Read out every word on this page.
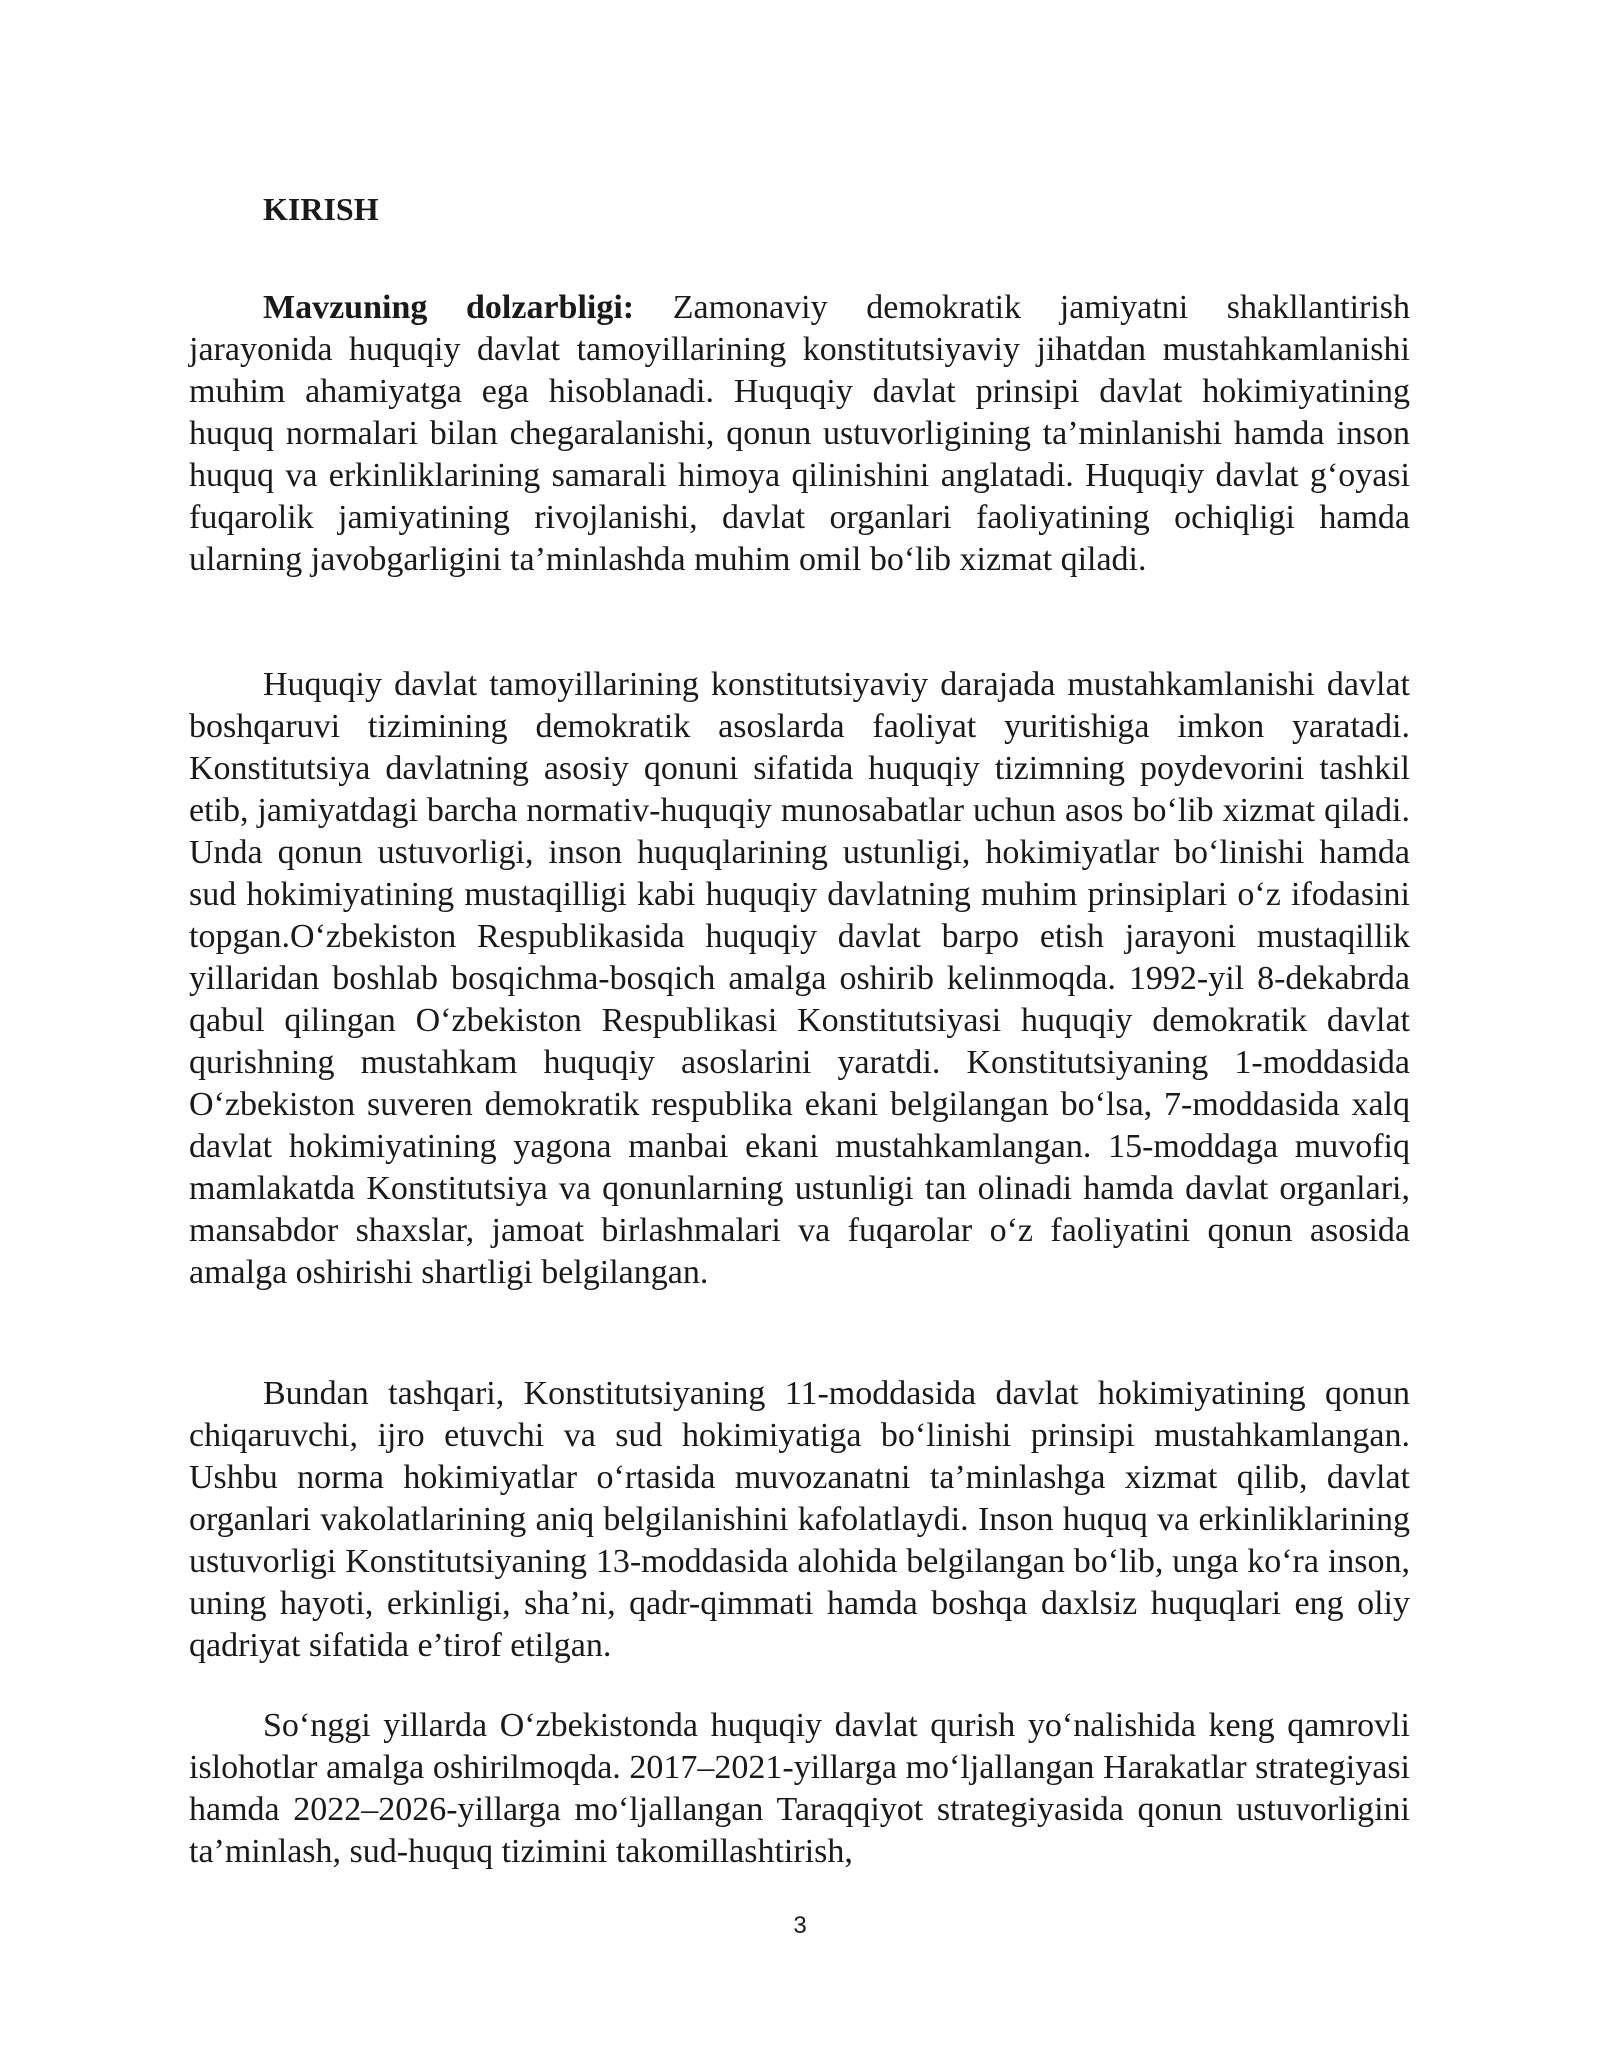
KIRISH

Mavzuning dolzarbligi: Zamonaviy demokratik jamiyatni shakllantirish jarayonida huquqiy davlat tamoyillarining konstitutsiyaviy jihatdan mustahkamlanishi muhim ahamiyatga ega hisoblanadi. Huquqiy davlat prinsipi davlat hokimiyatining huquq normalari bilan chegaralanishi, qonun ustuvorligining ta’minlanishi hamda inson huquq va erkinliklarining samarali himoya qilinishini anglatadi. Huquqiy davlat g‘oyasi fuqarolik jamiyatining rivojlanishi, davlat organlari faoliyatining ochiqligi hamda ularning javobgarligini ta’minlashda muhim omil bo‘lib xizmat qiladi.

Huquqiy davlat tamoyillarining konstitutsiyaviy darajada mustahkamlanishi davlat boshqaruvi tizimining demokratik asoslarda faoliyat yuritishiga imkon yaratadi. Konstitutsiya davlatning asosiy qonuni sifatida huquqiy tizimning poydevorini tashkil etib, jamiyatdagi barcha normativ-huquqiy munosabatlar uchun asos bo‘lib xizmat qiladi. Unda qonun ustuvorligi, inson huquqlarining ustunligi, hokimiyatlar bo‘linishi hamda sud hokimiyatining mustaqilligi kabi huquqiy davlatning muhim prinsiplari o‘z ifodasini topgan.O‘zbekiston Respublikasida huquqiy davlat barpo etish jarayoni mustaqillik yillaridan boshlab bosqichma-bosqich amalga oshirib kelinmoqda. 1992-yil 8-dekabrda qabul qilingan O‘zbekiston Respublikasi Konstitutsiyasi huquqiy demokratik davlat qurishning mustahkam huquqiy asoslarini yaratdi. Konstitutsiyaning 1-moddasida O‘zbekiston suveren demokratik respublika ekani belgilangan bo‘lsa, 7-moddasida xalq davlat hokimiyatining yagona manbai ekani mustahkamlangan. 15-moddaga muvofiq mamlakatda Konstitutsiya va qonunlarning ustunligi tan olinadi hamda davlat organlari, mansabdor shaxslar, jamoat birlashmalari va fuqarolar o‘z faoliyatini qonun asosida amalga oshirishi shartligi belgilangan.

Bundan tashqari, Konstitutsiyaning 11-moddasida davlat hokimiyatining qonun chiqaruvchi, ijro etuvchi va sud hokimiyatiga bo‘linishi prinsipi mustahkamlangan. Ushbu norma hokimiyatlar o‘rtasida muvozanatni ta’minlashga xizmat qilib, davlat organlari vakolatlarining aniq belgilanishini kafolatlaydi. Inson huquq va erkinliklarining ustuvorligi Konstitutsiyaning 13-moddasida alohida belgilangan bo‘lib, unga ko‘ra inson, uning hayoti, erkinligi, sha’ni, qadr-qimmati hamda boshqa daxlsiz huquqlari eng oliy qadriyat sifatida e’tirof etilgan.

So‘nggi yillarda O‘zbekistonda huquqiy davlat qurish yo‘nalishida keng qamrovli islohotlar amalga oshirilmoqda. 2017–2021-yillarga mo‘ljallangan Harakatlar strategiyasi hamda 2022–2026-yillarga mo‘ljallangan Taraqqiyot strategiyasida qonun ustuvorligini ta’minlash, sud-huquq tizimini takomillashtirish,

3
